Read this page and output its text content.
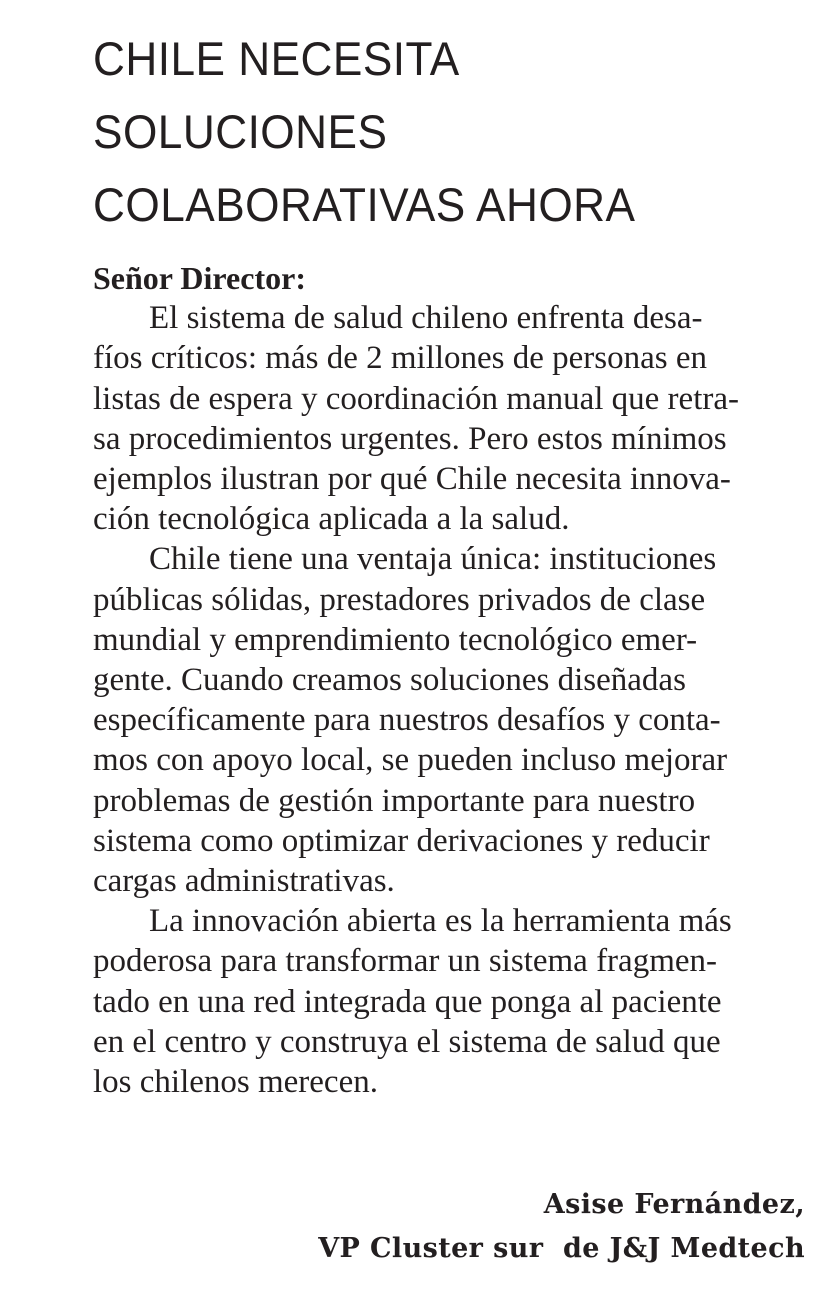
CHILE NECESITA
SOLUCIONES
COLABORATIVAS AHORA

Señor Director:

El sistema de salud chileno enfrenta desa-
fíos críticos: más de 2 millones de personas en
listas de espera y coordinación manual que retra-
sa procedimientos urgentes. Pero estos mínimos
ejemplos ilustran por qué Chile necesita innova-
ción tecnológica aplicada a la salud.

Chile tiene una ventaja única: instituciones
públicas sólidas, prestadores privados de clase
mundial y emprendimiento tecnológico emer-
gente. Cuando creamos soluciones diseñadas
específicamente para nuestros desafíos y conta-
mos con apoyo local, se pueden incluso mejorar
problemas de gestión importante para nuestro
sistema como optimizar derivaciones y reducir
cargas administrativas.

La innovación abierta es la herramienta más
poderosa para transformar un sistema fragmen-
tado en una red integrada que ponga al paciente
en el centro y construya el sistema de salud que
los chilenos merecen.

Asise Fernández,
VP Cluster sur  de J&J Medtech
